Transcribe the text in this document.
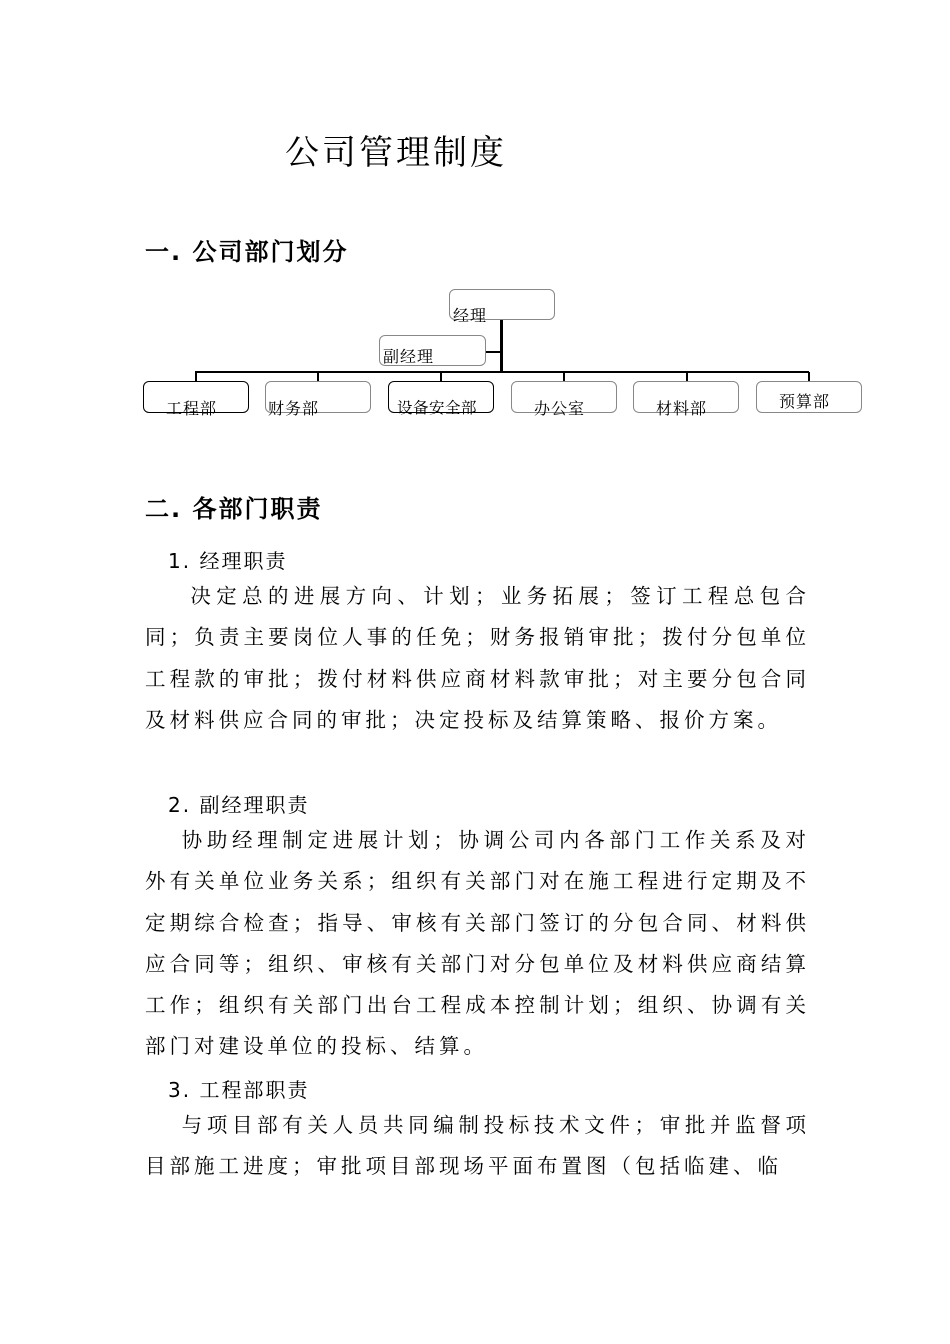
公司管理制度
一. 公司部门划分
经理
副经理
工程部	财务部	设备安全部	办公室	材料部	预算部
二. 各部门职责
1. 经理职责
决定总的进展方向、计划；业务拓展；签订工程总包合同；负责主要岗位人事的任免；财务报销审批；拨付分包单位工程款的审批；拨付材料供应商材料款审批；对主要分包合同及材料供应合同的审批；决定投标及结算策略、报价方案。
2. 副经理职责
协助经理制定进展计划；协调公司内各部门工作关系及对外有关单位业务关系；组织有关部门对在施工程进行定期及不定期综合检查；指导、审核有关部门签订的分包合同、材料供应合同等；组织、审核有关部门对分包单位及材料供应商结算工作；组织有关部门出台工程成本控制计划；组织、协调有关部门对建设单位的投标、结算。
3. 工程部职责
与项目部有关人员共同编制投标技术文件；审批并监督项目部施工进度；审批项目部现场平面布置图（包括临建、临
